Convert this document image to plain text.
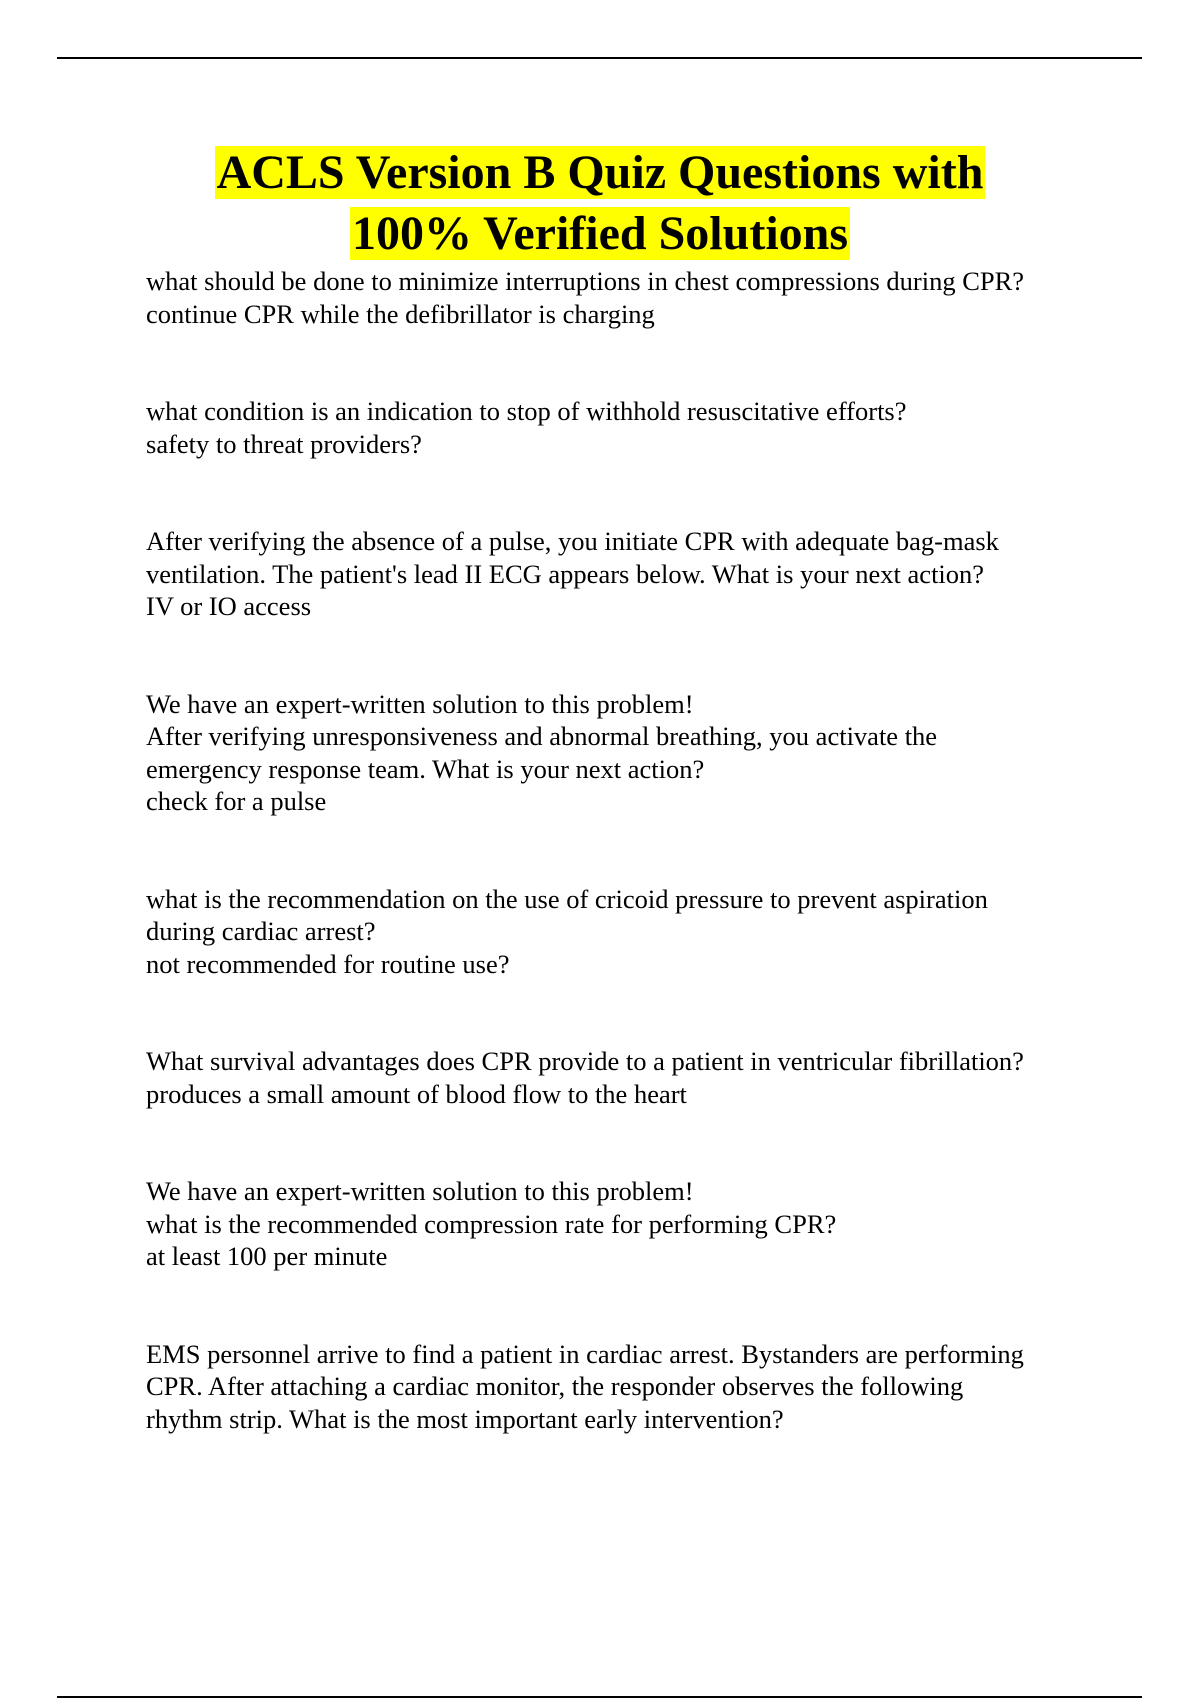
ACLS Version B Quiz Questions with
100% Verified Solutions

what should be done to minimize interruptions in chest compressions during CPR?

continue CPR while the defibrillator is charging

what condition is an indication to stop of withhold resuscitative efforts?

safety to threat providers?

After verifying the absence of a pulse, you initiate CPR with adequate bag-mask

ventilation. The patient's lead II ECG appears below. What is your next action?

IV or IO access

We have an expert-written solution to this problem!

After verifying unresponsiveness and abnormal breathing, you activate the

emergency response team. What is your next action?

check for a pulse

what is the recommendation on the use of cricoid pressure to prevent aspiration

during cardiac arrest?

not recommended for routine use?

What survival advantages does CPR provide to a patient in ventricular fibrillation?

produces a small amount of blood flow to the heart

We have an expert-written solution to this problem!

what is the recommended compression rate for performing CPR?

at least 100 per minute

EMS personnel arrive to find a patient in cardiac arrest. Bystanders are performing

CPR. After attaching a cardiac monitor, the responder observes the following

rhythm strip. What is the most important early intervention?
